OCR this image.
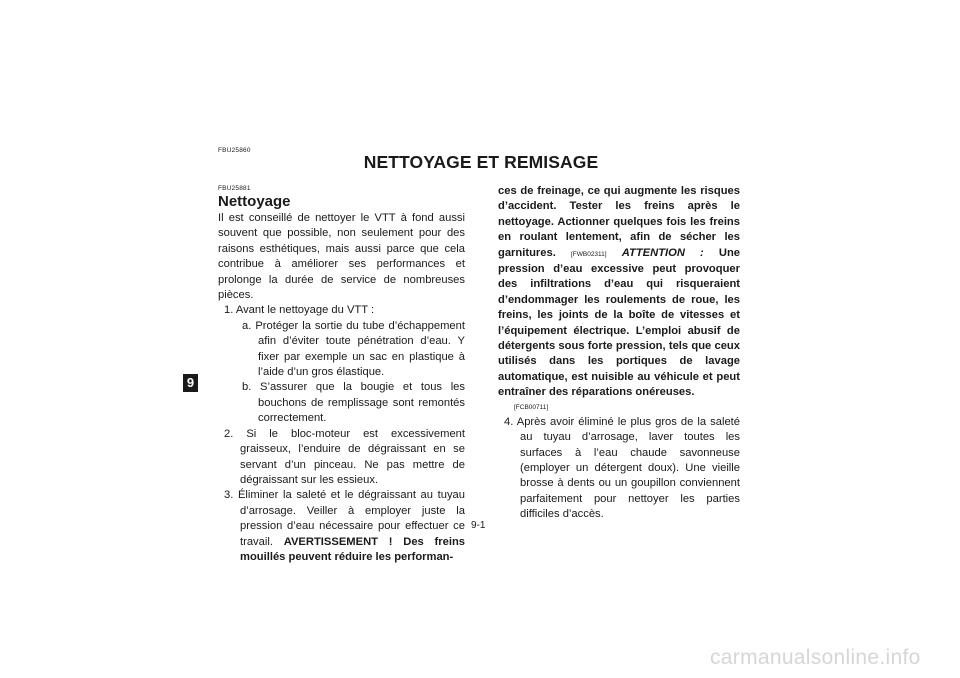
FBU25860
NETTOYAGE ET REMISAGE
FBU25881
Nettoyage

Il est conseillé de nettoyer le VTT à fond aussi souvent que possible, non seulement pour des raisons esthétiques, mais aussi parce que cela contribue à améliorer ses performances et prolonge la durée de service de nombreuses pièces.

1. Avant le nettoyage du VTT :

a. Protéger la sortie du tube d’échappement afin d’éviter toute pénétration d’eau. Y fixer par exemple un sac en plastique à l’aide d’un gros élastique.

b. S’assurer que la bougie et tous les bouchons de remplissage sont remontés correctement.

2. Si le bloc-moteur est excessivement graisseux, l’enduire de dégraissant en se servant d’un pinceau. Ne pas mettre de dégraissant sur les essieux.

3. Éliminer la saleté et le dégraissant au tuyau d’arrosage. Veiller à employer juste la pression d’eau nécessaire pour effectuer ce travail. AVERTISSEMENT ! Des freins mouillés peuvent réduire les performan-

ces de freinage, ce qui augmente les risques d’accident. Tester les freins après le nettoyage. Actionner quelques fois les freins en roulant lentement, afin de sécher les garnitures. [FWB02311] ATTENTION : Une pression d’eau excessive peut provoquer des infiltrations d’eau qui risqueraient d’endommager les roulements de roue, les freins, les joints de la boîte de vitesses et l’équipement électrique. L’emploi abusif de détergents sous forte pression, tels que ceux utilisés dans les portiques de lavage automatique, est nuisible au véhicule et peut entraîner des réparations onéreuses.

[FCB00711]

4. Après avoir éliminé le plus gros de la saleté au tuyau d’arrosage, laver toutes les surfaces à l’eau chaude savonneuse (employer un détergent doux). Une vieille brosse à dents ou un goupillon conviennent parfaitement pour nettoyer les parties difficiles d’accès.

9
9-1
carmanualsonline.info
